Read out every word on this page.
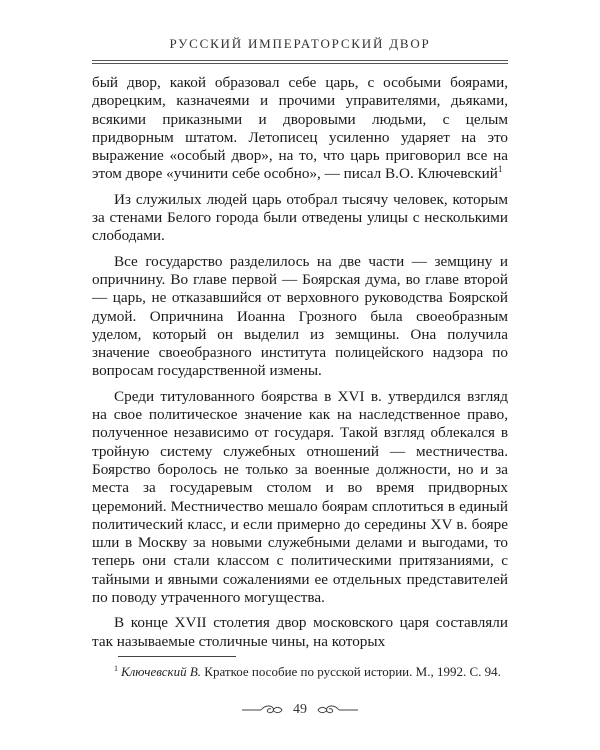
РУССКИЙ ИМПЕРАТОРСКИЙ ДВОР

бый двор, какой образовал себе царь, с особыми боярами, дворецким, казначеями и прочими управителями, дьяками, всякими приказными и дворовыми людьми, с целым придворным штатом. Летописец усиленно ударяет на это выражение «особый двор», на то, что царь приговорил все на этом дворе «учинити себе особно», — писал В.О. Ключевский$^1$

Из служилых людей царь отобрал тысячу человек, которым за стенами Белого города были отведены улицы с несколькими слободами.

Все государство разделилось на две части — земщину и опричнину. Во главе первой — Боярская дума, во главе второй — царь, не отказавшийся от верховного руководства Боярской думой. Опричнина Иоанна Грозного была своеобразным уделом, который он выделил из земщины. Она получила значение своеобразного института полицейского надзора по вопросам государственной измены.

Среди титулованного боярства в XVI в. утвердился взгляд на свое политическое значение как на наследственное право, полученное независимо от государя. Такой взгляд облекался в тройную систему служебных отношений — местничества. Боярство боролось не только за военные должности, но и за места за государевым столом и во время придворных церемоний. Местничество мешало боярам сплотиться в единый политический класс, и если примерно до середины XV в. бояре шли в Москву за новыми служебными делами и выгодами, то теперь они стали классом с политическими притязаниями, с тайными и явными сожалениями ее отдельных представителей по поводу утраченного могущества.

В конце XVII столетия двор московского царя составляли так называемые столичные чины, на которых

$^1$ Ключевский В. Краткое пособие по русской истории. М., 1992. С. 94.
49
